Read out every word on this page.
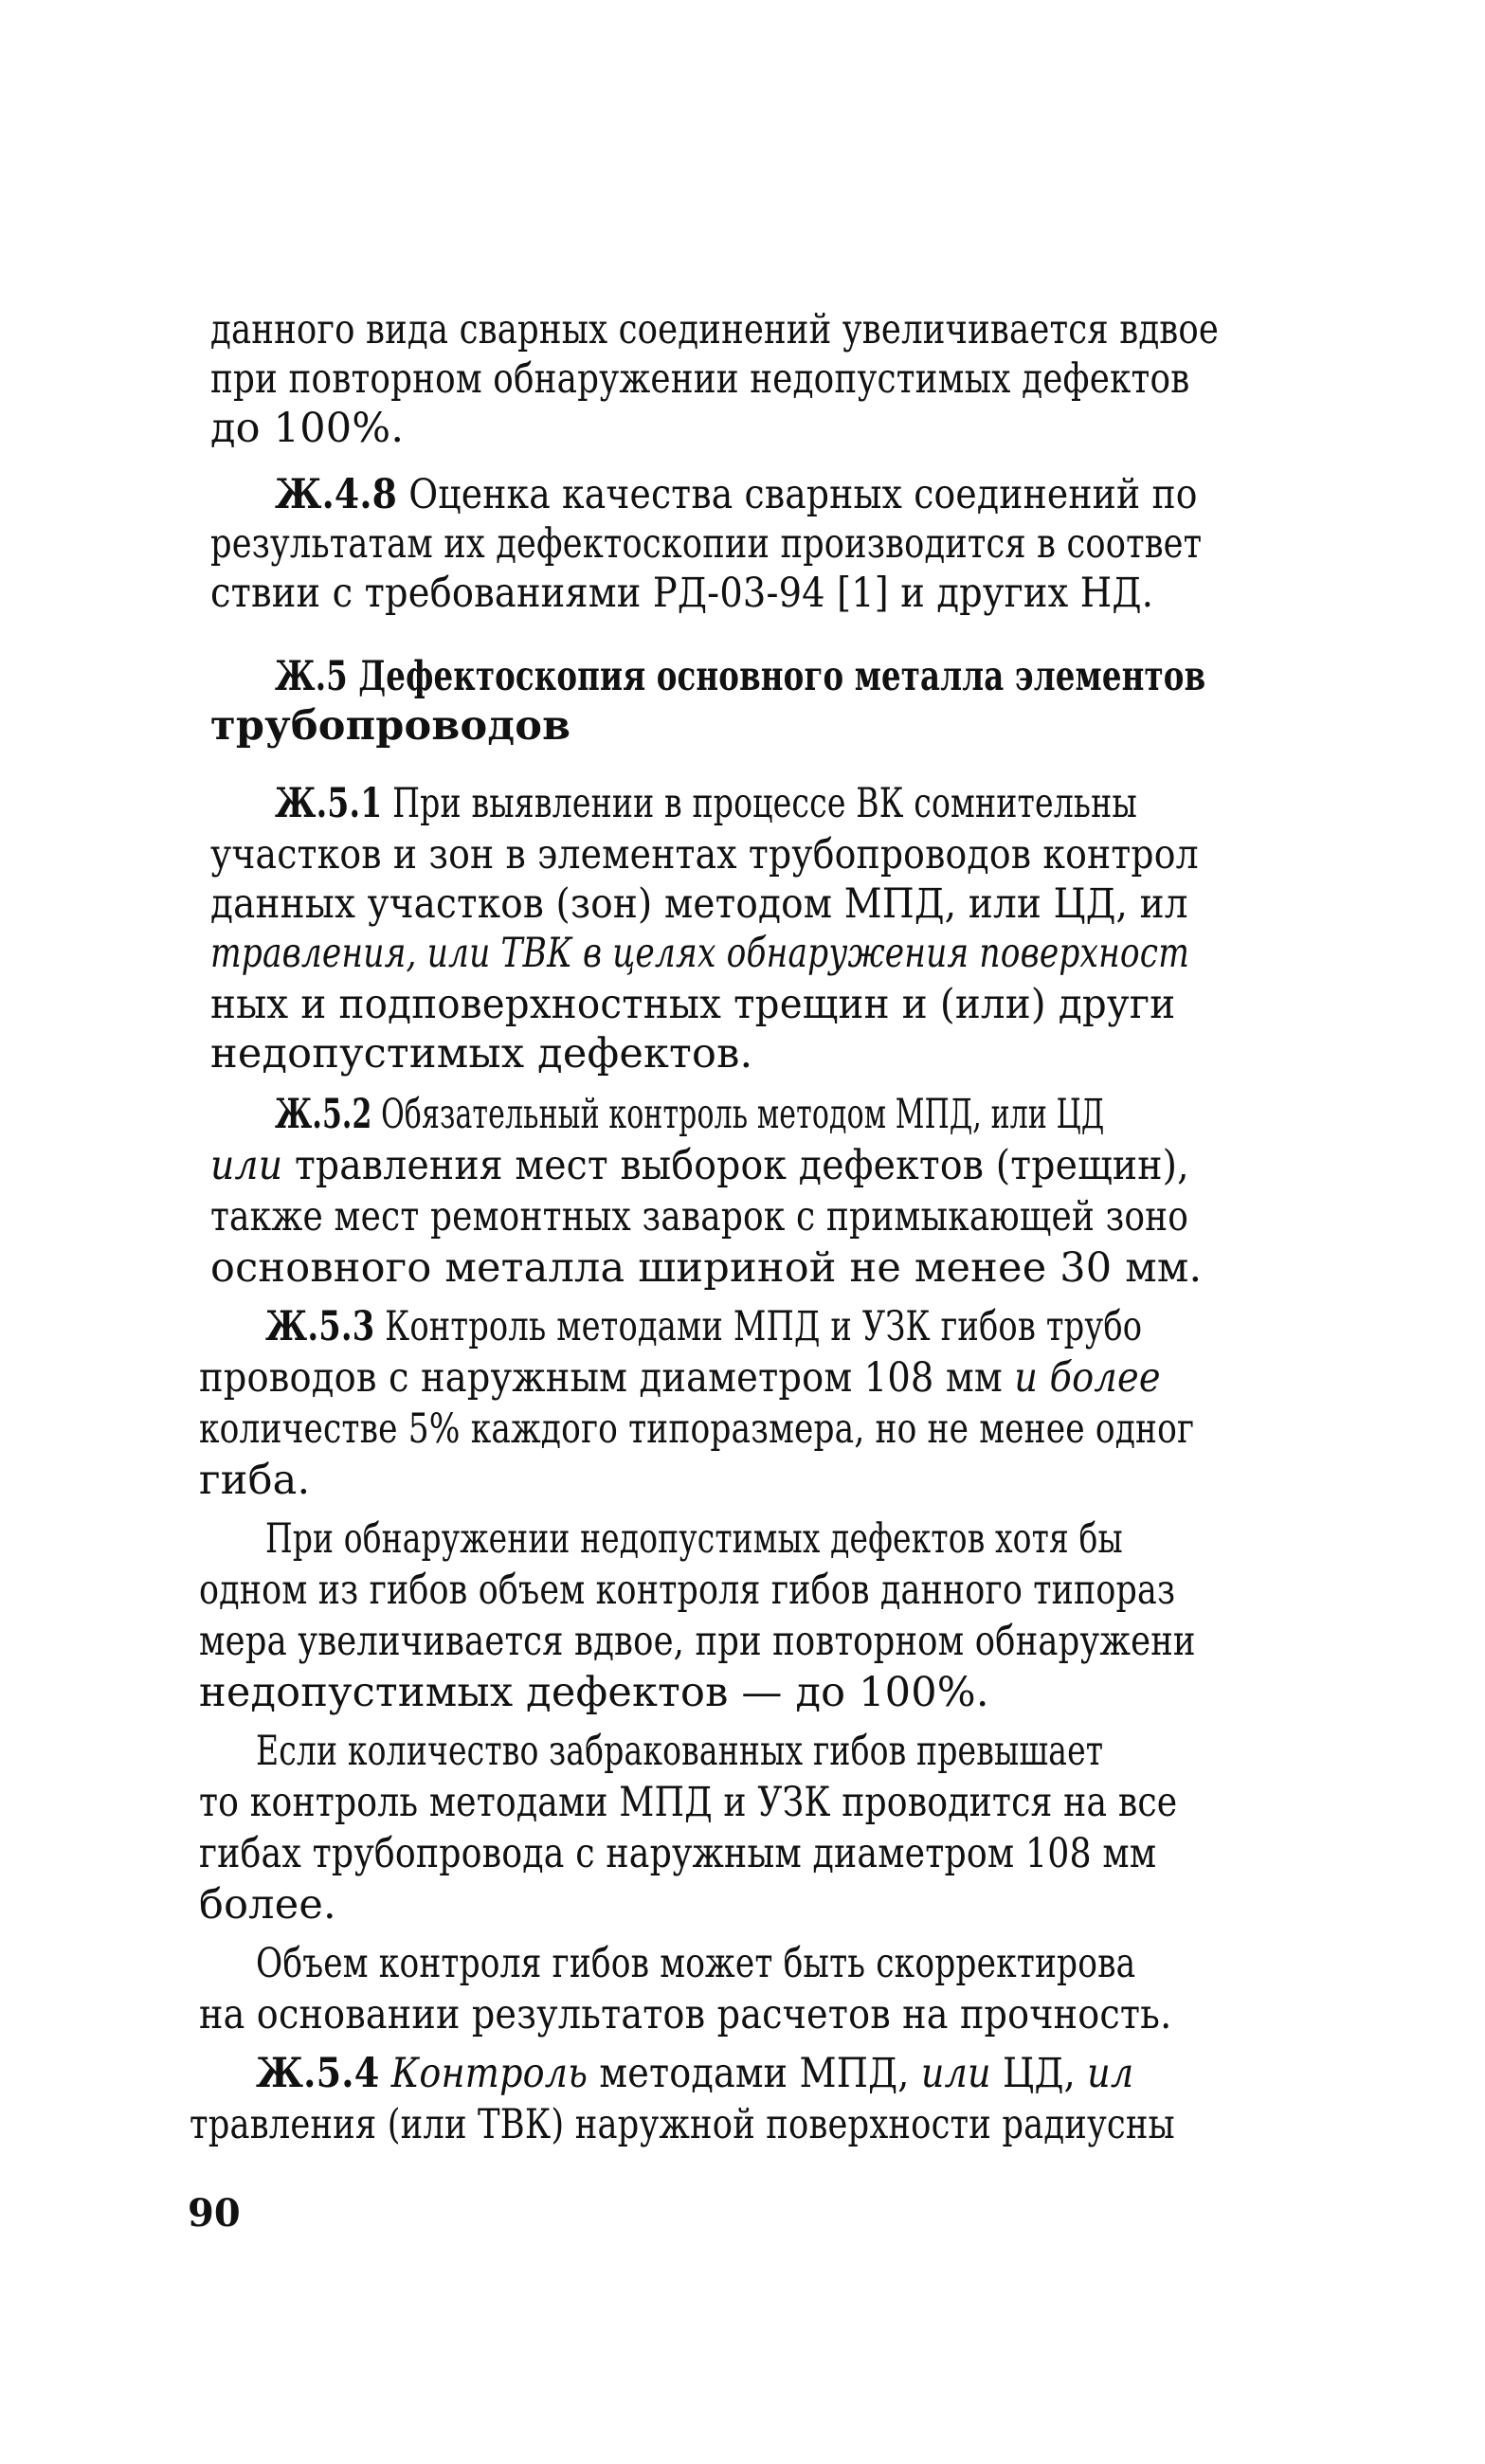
данного вида сварных соединений увеличивается вдвое
при повторном обнаружении недопустимых дефектов
до 100%.
Ж.4.8 Оценка качества сварных соединений по
результатам их дефектоскопии производится в соответ
ствии с требованиями РД-03-94 [1] и других НД.
Ж.5 Дефектоскопия основного металла элементов
трубопроводов
Ж.5.1 При выявлении в процессе ВК сомнительны
участков и зон в элементах трубопроводов контрол
данных участков (зон) методом МПД, или ЦД, ил
травления, или ТВК в целях обнаружения поверхност
ных и подповерхностных трещин и (или) други
недопустимых дефектов.
Ж.5.2 Обязательный контроль методом МПД, или ЦД
или травления мест выборок дефектов (трещин),
также мест ремонтных заварок с примыкающей зоно
основного металла шириной не менее 30 мм.
Ж.5.3 Контроль методами МПД и УЗК гибов трубо
проводов с наружным диаметром 108 мм и более
количестве 5% каждого типоразмера, но не менее одног
гиба.
При обнаружении недопустимых дефектов хотя бы
одном из гибов объем контроля гибов данного типораз
мера увеличивается вдвое, при повторном обнаружени
недопустимых дефектов — до 100%.
Если количество забракованных гибов превышает
то контроль методами МПД и УЗК проводится на все
гибах трубопровода с наружным диаметром 108 мм
более.
Объем контроля гибов может быть скорректирова
на основании результатов расчетов на прочность.
Ж.5.4 Контроль методами МПД, или ЦД, ил
травления (или ТВК) наружной поверхности радиусны
90
